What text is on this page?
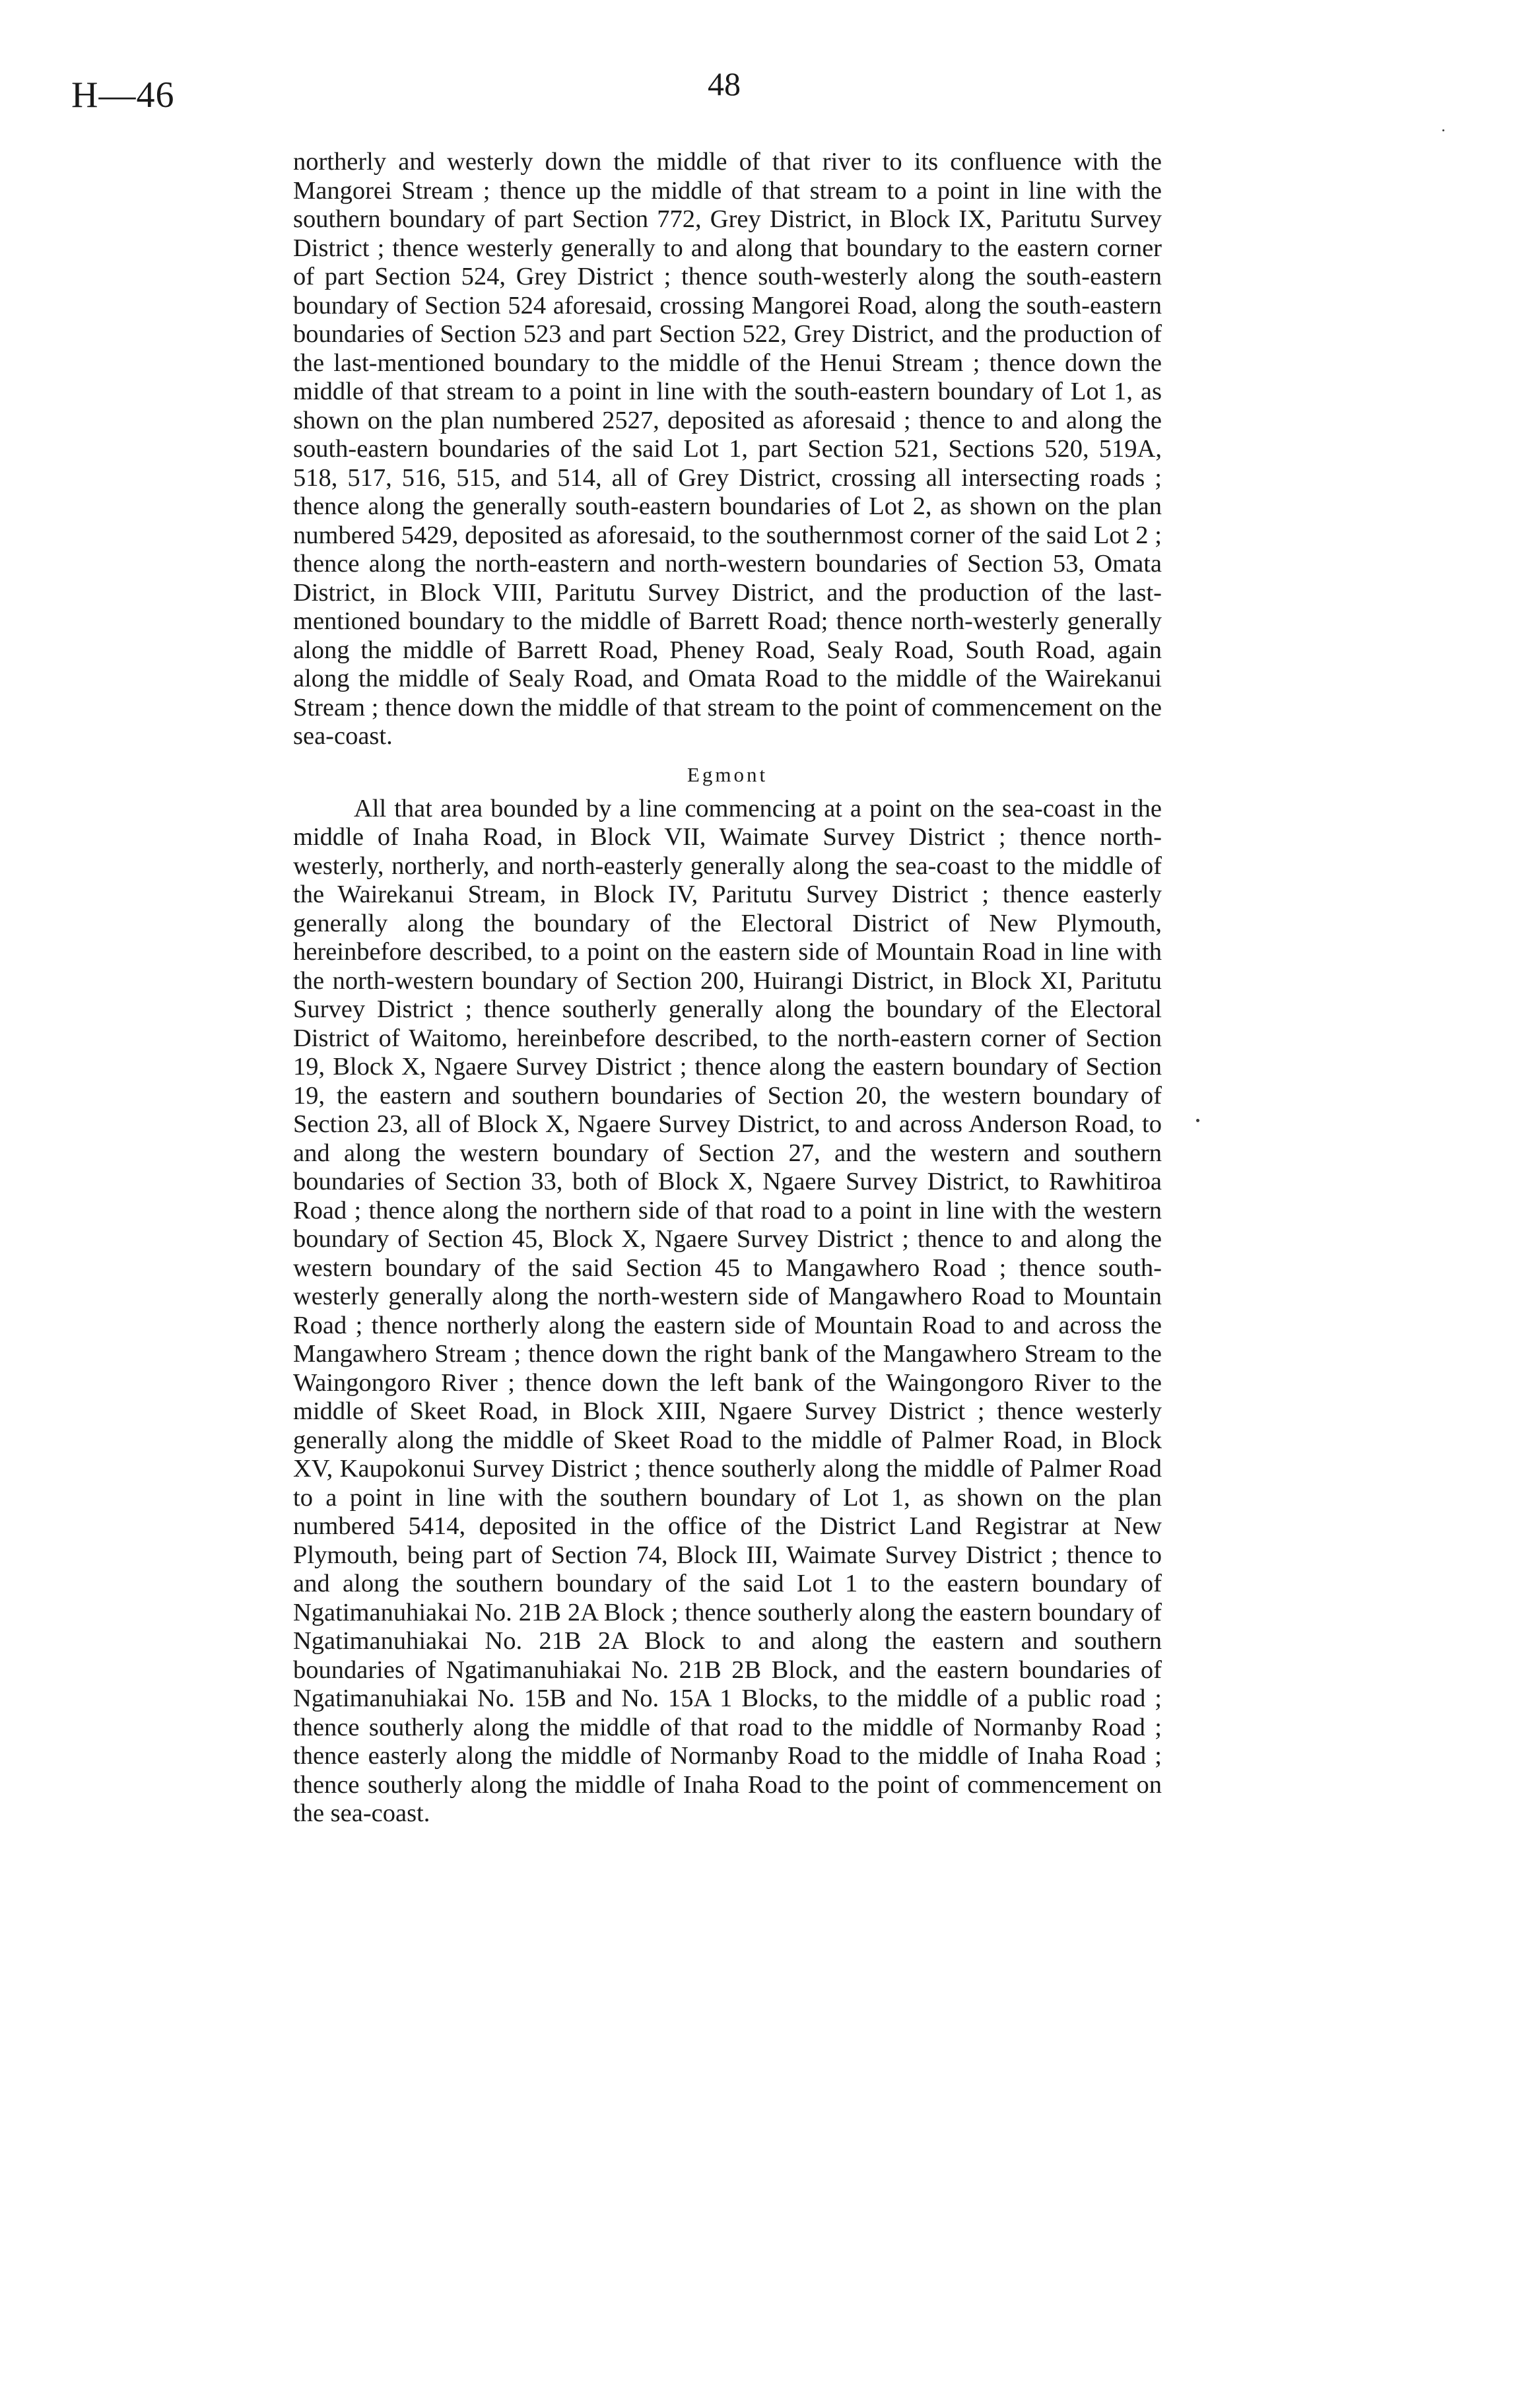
H—46	48

northerly and westerly down the middle of that river to its confluence with the Mangorei Stream ; thence up the middle of that stream to a point in line with the southern boundary of part Section 772, Grey District, in Block IX, Paritutu Survey District ; thence westerly generally to and along that boundary to the eastern corner of part Section 524, Grey District ; thence south-westerly along the south-eastern boundary of Section 524 aforesaid, crossing Mangorei Road, along the south-eastern boundaries of Section 523 and part Section 522, Grey District, and the production of the last-mentioned boundary to the middle of the Henui Stream ; thence down the middle of that stream to a point in line with the south-eastern boundary of Lot 1, as shown on the plan numbered 2527, deposited as aforesaid ; thence to and along the south-eastern boundaries of the said Lot 1, part Section 521, Sections 520, 519A, 518, 517, 516, 515, and 514, all of Grey District, crossing all intersecting roads ; thence along the generally south-eastern boundaries of Lot 2, as shown on the plan numbered 5429, deposited as aforesaid, to the southernmost corner of the said Lot 2 ; thence along the north-eastern and north-western boundaries of Section 53, Omata District, in Block VIII, Paritutu Survey District, and the production of the last-mentioned boundary to the middle of Barrett Road; thence north-westerly generally along the middle of Barrett Road, Pheney Road, Sealy Road, South Road, again along the middle of Sealy Road, and Omata Road to the middle of the Wairekanui Stream ; thence down the middle of that stream to the point of commencement on the sea-coast.

Egmont

All that area bounded by a line commencing at a point on the sea-coast in the middle of Inaha Road, in Block VII, Waimate Survey District ; thence north-westerly, northerly, and north-easterly generally along the sea-coast to the middle of the Wairekanui Stream, in Block IV, Paritutu Survey District ; thence easterly generally along the boundary of the Electoral District of New Plymouth, hereinbefore described, to a point on the eastern side of Mountain Road in line with the north-western boundary of Section 200, Huirangi District, in Block XI, Paritutu Survey District ; thence southerly generally along the boundary of the Electoral District of Waitomo, hereinbefore described, to the north-eastern corner of Section 19, Block X, Ngaere Survey District ; thence along the eastern boundary of Section 19, the eastern and southern boundaries of Section 20, the western boundary of Section 23, all of Block X, Ngaere Survey District, to and across Anderson Road, to and along the western boundary of Section 27, and the western and southern boundaries of Section 33, both of Block X, Ngaere Survey District, to Rawhitiroa Road ; thence along the northern side of that road to a point in line with the western boundary of Section 45, Block X, Ngaere Survey District ; thence to and along the western boundary of the said Section 45 to Mangawhero Road ; thence south-westerly generally along the north-western side of Mangawhero Road to Mountain Road ; thence northerly along the eastern side of Mountain Road to and across the Mangawhero Stream ; thence down the right bank of the Mangawhero Stream to the Waingongoro River ; thence down the left bank of the Waingongoro River to the middle of Skeet Road, in Block XIII, Ngaere Survey District ; thence westerly generally along the middle of Skeet Road to the middle of Palmer Road, in Block XV, Kaupokonui Survey District ; thence southerly along the middle of Palmer Road to a point in line with the southern boundary of Lot 1, as shown on the plan numbered 5414, deposited in the office of the District Land Registrar at New Plymouth, being part of Section 74, Block III, Waimate Survey District ; thence to and along the southern boundary of the said Lot 1 to the eastern boundary of Ngatimanuhiakai No. 21B 2A Block ; thence southerly along the eastern boundary of Ngatimanuhiakai No. 21B 2A Block to and along the eastern and southern boundaries of Ngatimanuhiakai No. 21B 2B Block, and the eastern boundaries of Ngatimanuhiakai No. 15B and No. 15A 1 Blocks, to the middle of a public road ; thence southerly along the middle of that road to the middle of Normanby Road ; thence easterly along the middle of Normanby Road to the middle of Inaha Road ; thence southerly along the middle of Inaha Road to the point of commencement on the sea-coast.
